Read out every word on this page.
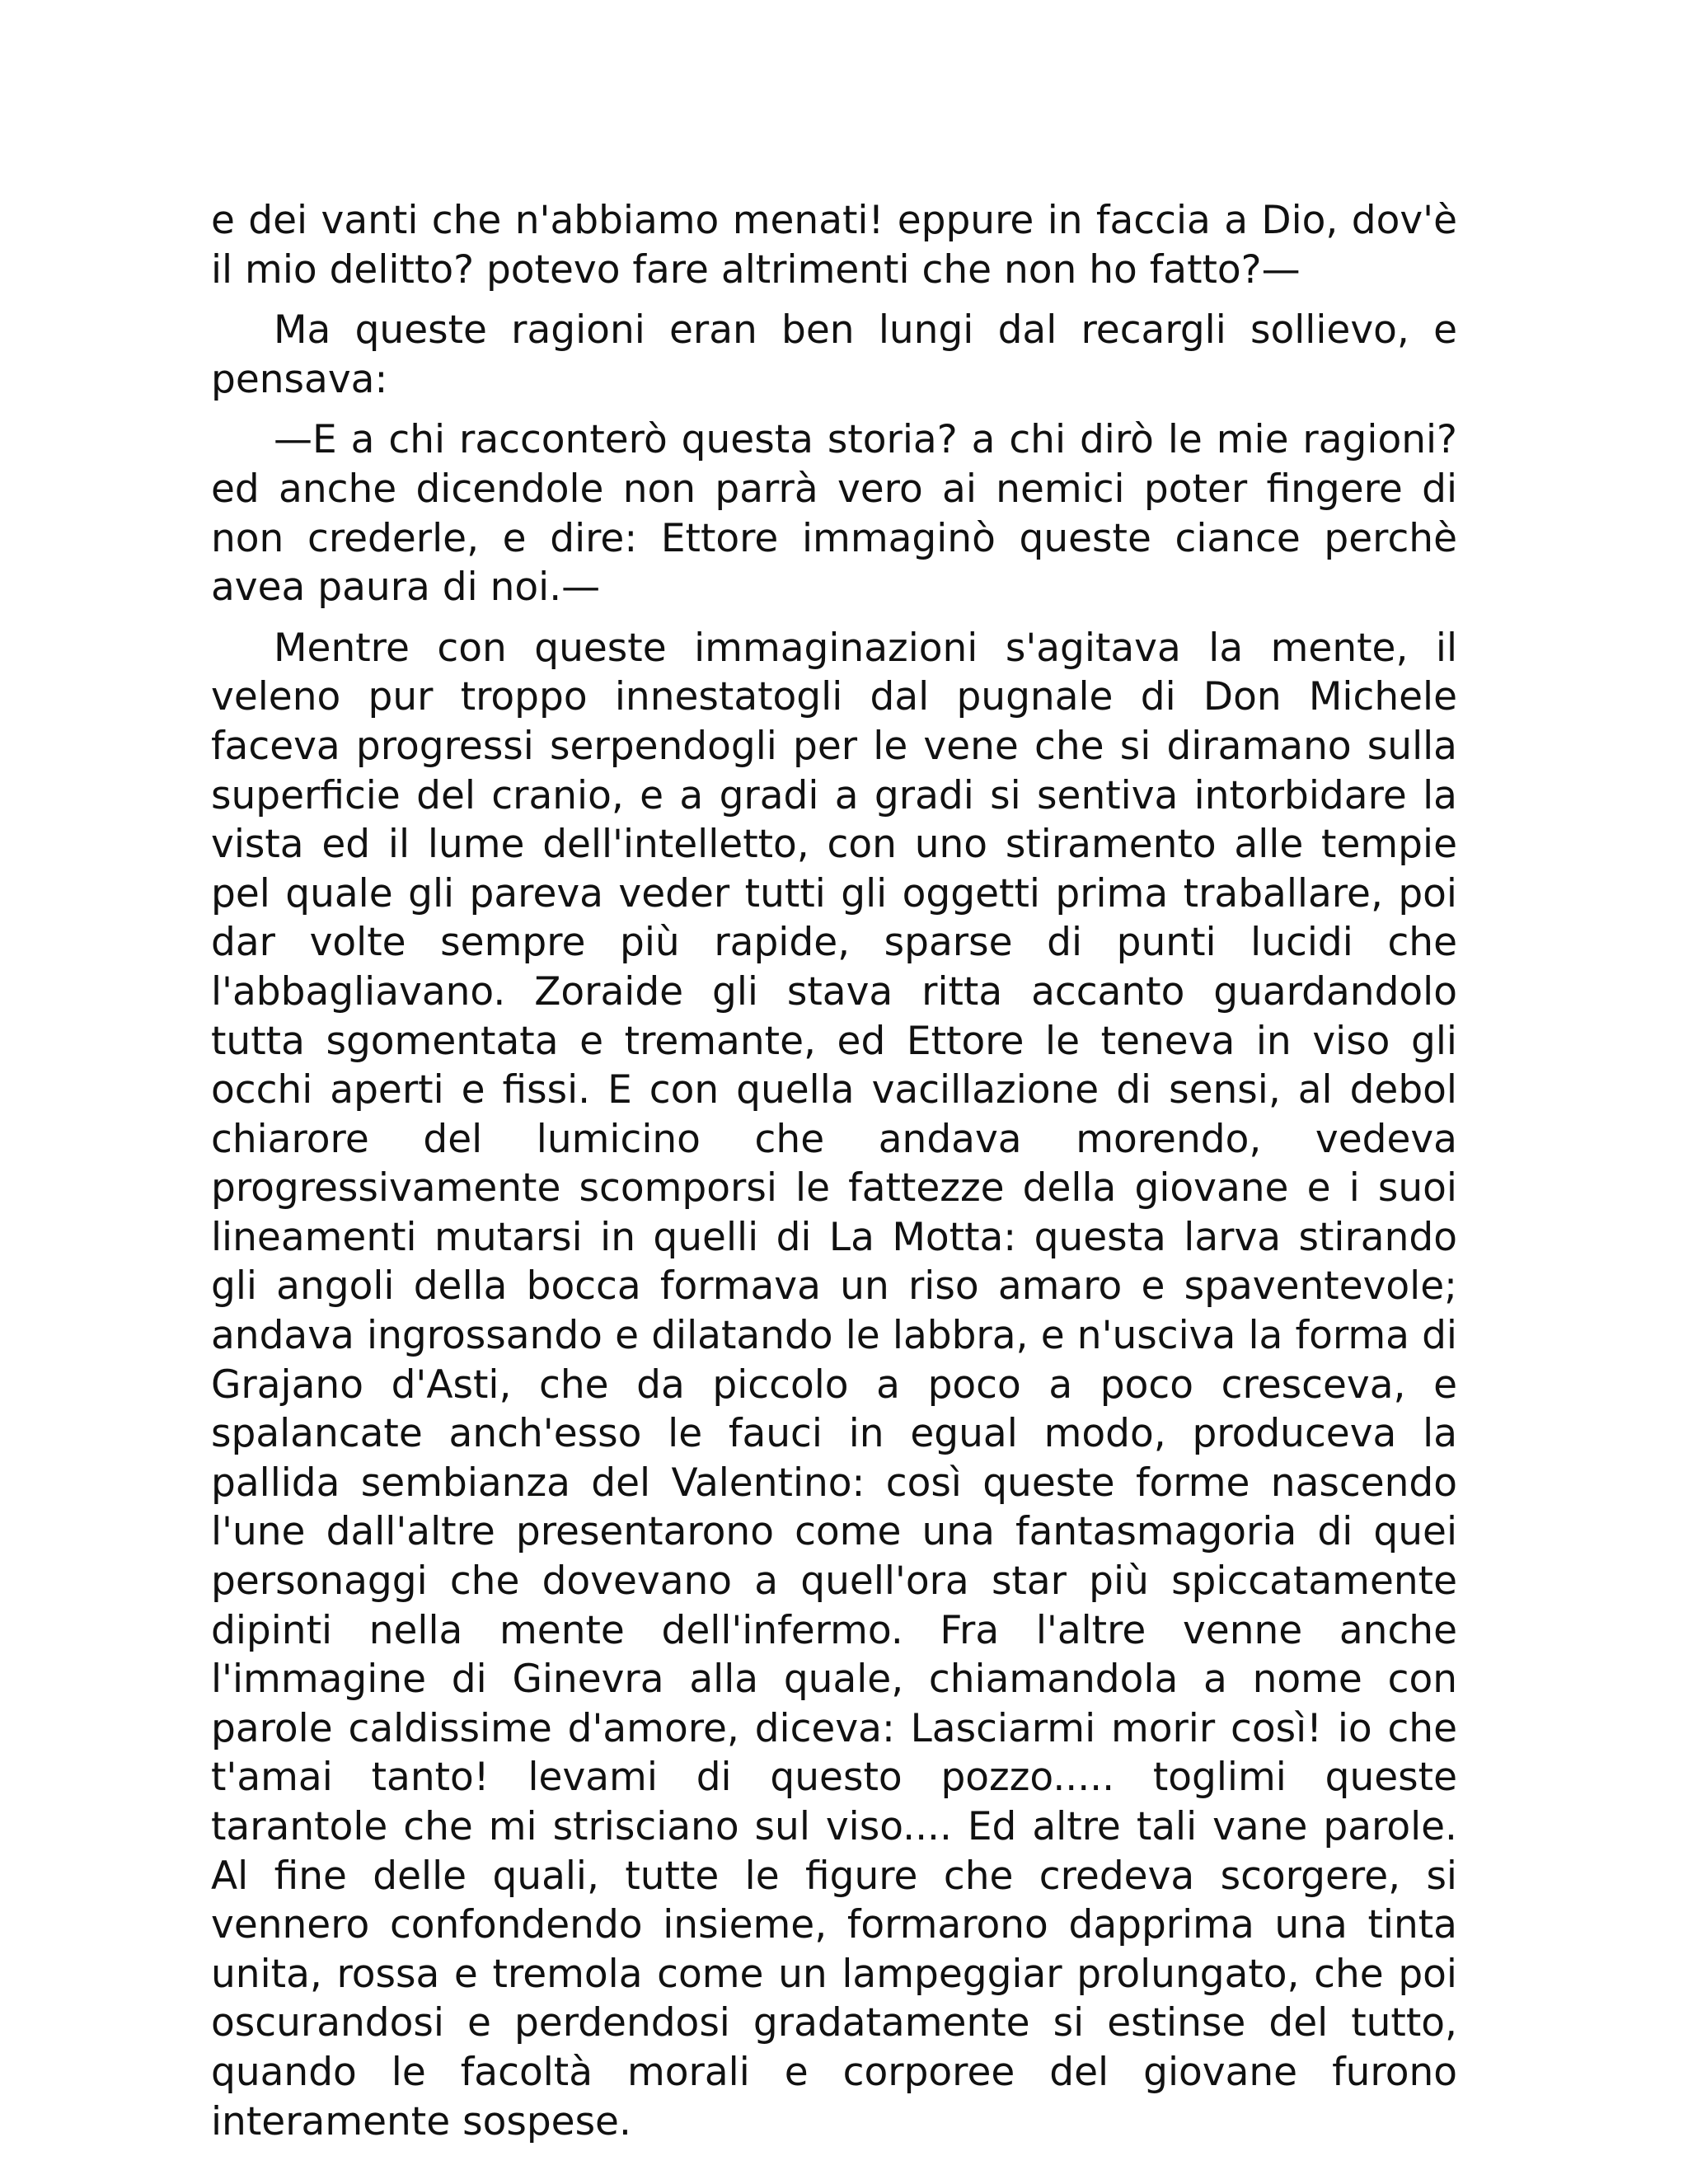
e dei vanti che n'abbiamo menati! eppure in faccia a Dio, dov'è il mio delitto? potevo fare altrimenti che non ho fatto?—

Ma queste ragioni eran ben lungi dal recargli sollievo, e pensava:

—E a chi racconterò questa storia? a chi dirò le mie ragioni? ed anche dicendole non parrà vero ai nemici poter fingere di non crederle, e dire: Ettore immaginò queste ciance perchè avea paura di noi.—

Mentre con queste immaginazioni s'agitava la mente, il veleno pur troppo innestatogli dal pugnale di Don Michele faceva progressi serpendogli per le vene che si diramano sulla superficie del cranio, e a gradi a gradi si sentiva intorbidare la vista ed il lume dell'intelletto, con uno stiramento alle tempie pel quale gli pareva veder tutti gli oggetti prima traballare, poi dar volte sempre più rapide, sparse di punti lucidi che l'abbagliavano. Zoraide gli stava ritta accanto guardandolo tutta sgomentata e tremante, ed Ettore le teneva in viso gli occhi aperti e fissi. E con quella vacillazione di sensi, al debol chiarore del lumicino che andava morendo, vedeva progressivamente scomporsi le fattezze della giovane e i suoi lineamenti mutarsi in quelli di La Motta: questa larva stirando gli angoli della bocca formava un riso amaro e spaventevole; andava ingrossando e dilatando le labbra, e n'usciva la forma di Grajano d'Asti, che da piccolo a poco a poco cresceva, e spalancate anch'esso le fauci in egual modo, produceva la pallida sembianza del Valentino: così queste forme nascendo l'une dall'altre presentarono come una fantasmagoria di quei personaggi che dovevano a quell'ora star più spiccatamente dipinti nella mente dell'infermo. Fra l'altre venne anche l'immagine di Ginevra alla quale, chiamandola a nome con parole caldissime d'amore, diceva: Lasciarmi morir così! io che t'amai tanto! levami di questo pozzo..... toglimi queste tarantole che mi strisciano sul viso.... Ed altre tali vane parole. Al fine delle quali, tutte le figure che credeva scorgere, si vennero confondendo insieme, formarono dapprima una tinta unita, rossa e tremola come un lampeggiar prolungato, che poi oscurandosi e perdendosi gradatamente si estinse del tutto, quando le facoltà morali e corporee del giovane furono interamente sospese.
